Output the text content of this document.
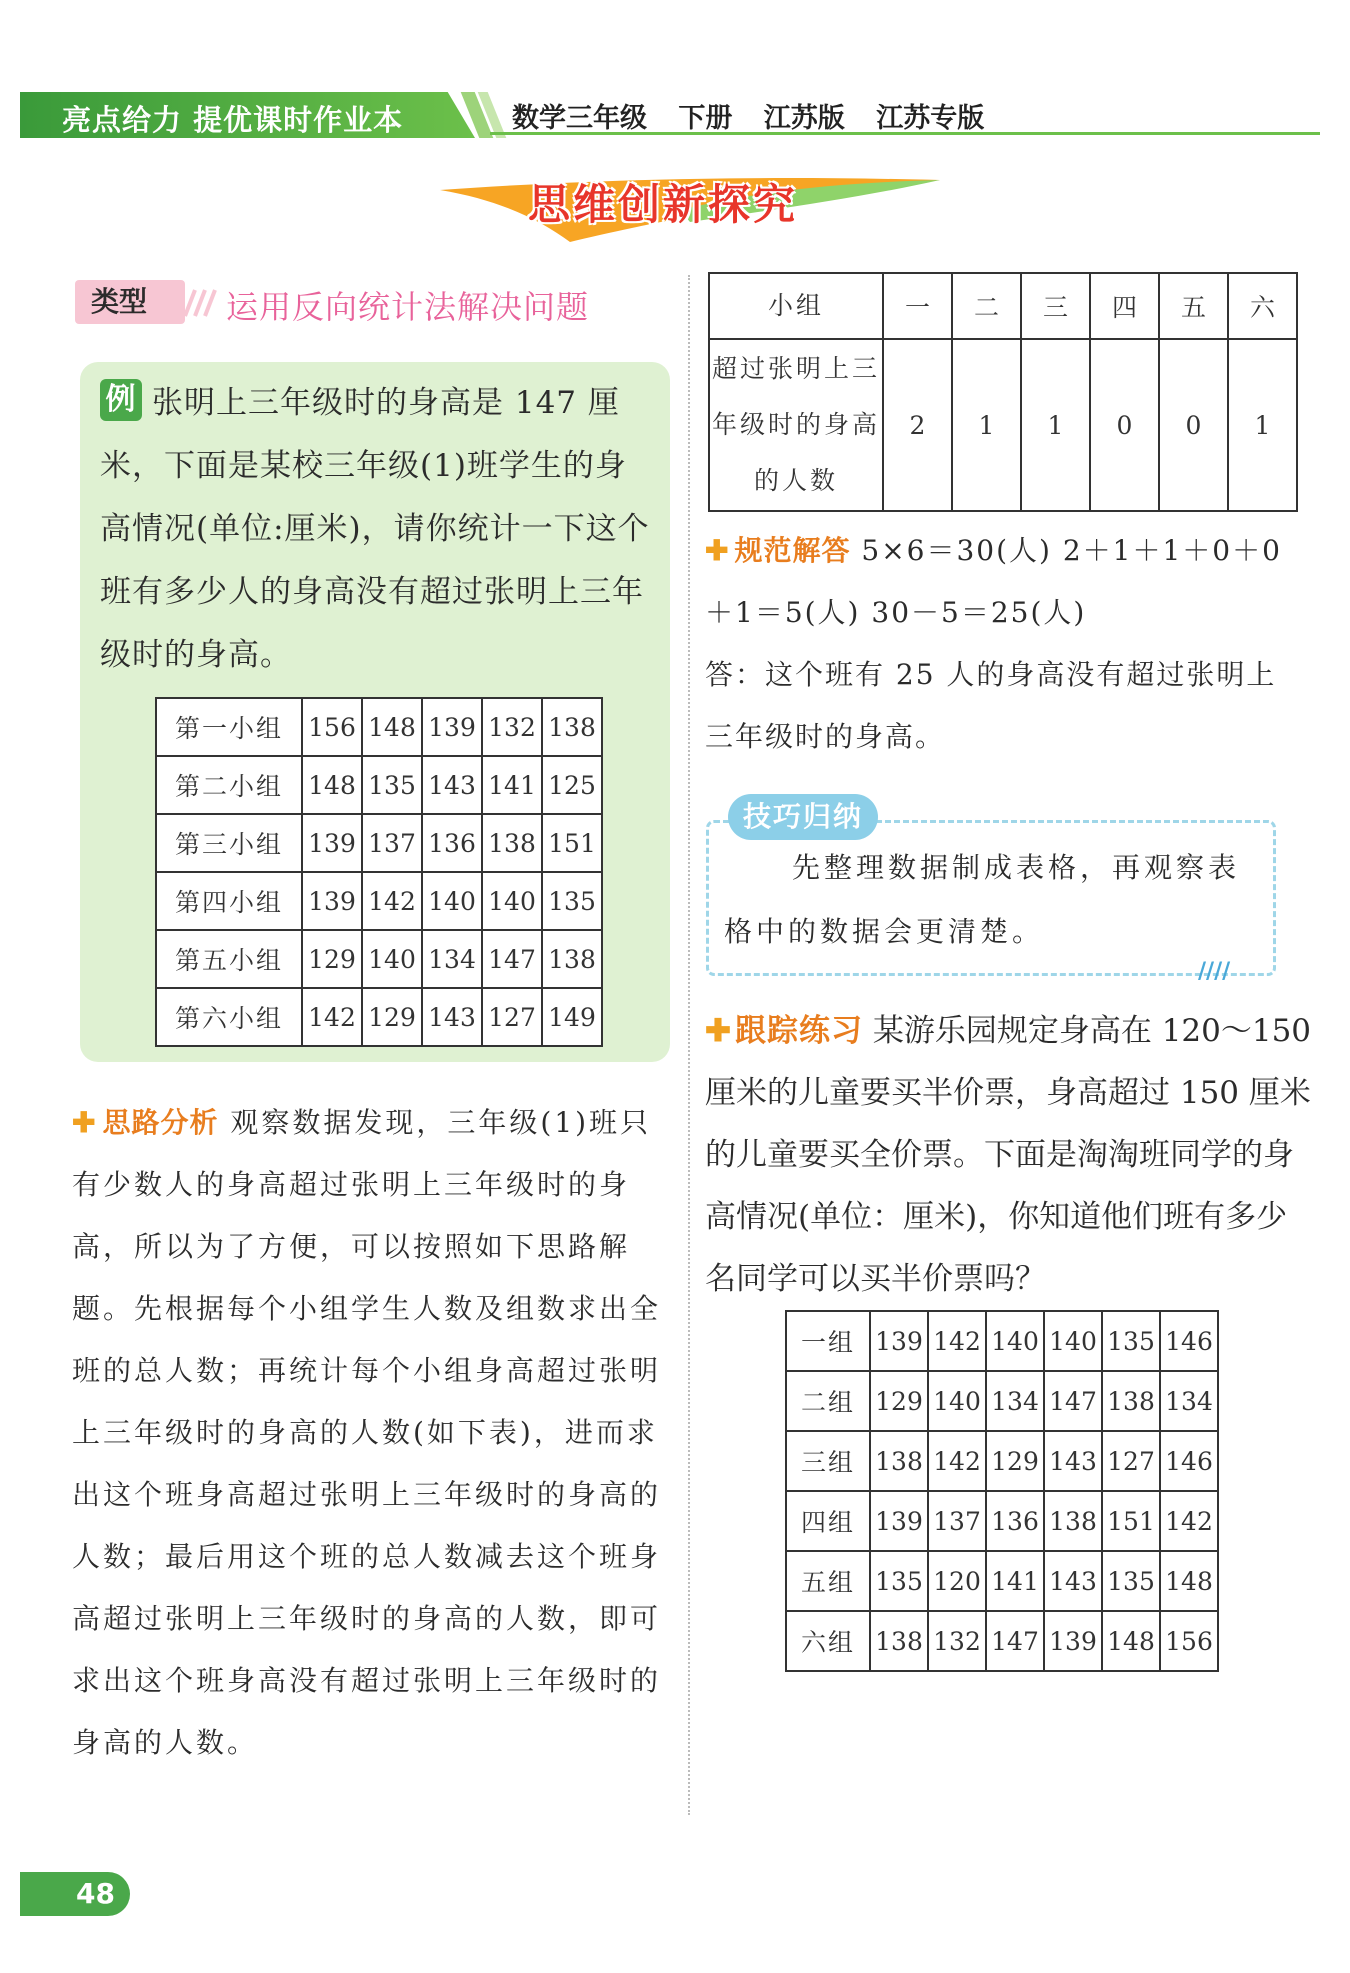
亮点给力 提优课时作业本	数学三年级 下册 江苏版 江苏专版
思维创新探究
类型	运用反向统计法解决问题
例 张明上三年级时的身高是 147 厘米，下面是某校三年级(1)班学生的身高情况(单位:厘米)，请你统计一下这个班有多少人的身高没有超过张明上三年级时的身高。
第一小组	156	148	139	132	138
第二小组	148	135	143	141	125
第三小组	139	137	136	138	151
第四小组	139	142	140	140	135
第五小组	129	140	134	147	138
第六小组	142	129	143	127	149
✚ 思路分析 观察数据发现，三年级(1)班只有少数人的身高超过张明上三年级时的身高，所以为了方便，可以按照如下思路解题。先根据每个小组学生人数及组数求出全班的总人数；再统计每个小组身高超过张明上三年级时的身高的人数(如下表)，进而求出这个班身高超过张明上三年级时的身高的人数；最后用这个班的总人数减去这个班身高超过张明上三年级时的身高的人数，即可求出这个班身高没有超过张明上三年级时的身高的人数。
小组	一	二	三	四	五	六
超过张明上三年级时的身高的人数	2	1	1	0	0	1
✚ 规范解答 5×6＝30(人) 2＋1＋1＋0＋0＋1＝5(人) 30－5＝25(人)
答：这个班有 25 人的身高没有超过张明上三年级时的身高。
技巧归纳
先整理数据制成表格，再观察表格中的数据会更清楚。
////
✚ 跟踪练习 某游乐园规定身高在 120～150 厘米的儿童要买半价票，身高超过 150 厘米的儿童要买全价票。下面是淘淘班同学的身高情况(单位：厘米)，你知道他们班有多少名同学可以买半价票吗？
一组	139	142	140	140	135	146
二组	129	140	134	147	138	134
三组	138	142	129	143	127	146
四组	139	137	136	138	151	142
五组	135	120	141	143	135	148
六组	138	132	147	139	148	156
48
